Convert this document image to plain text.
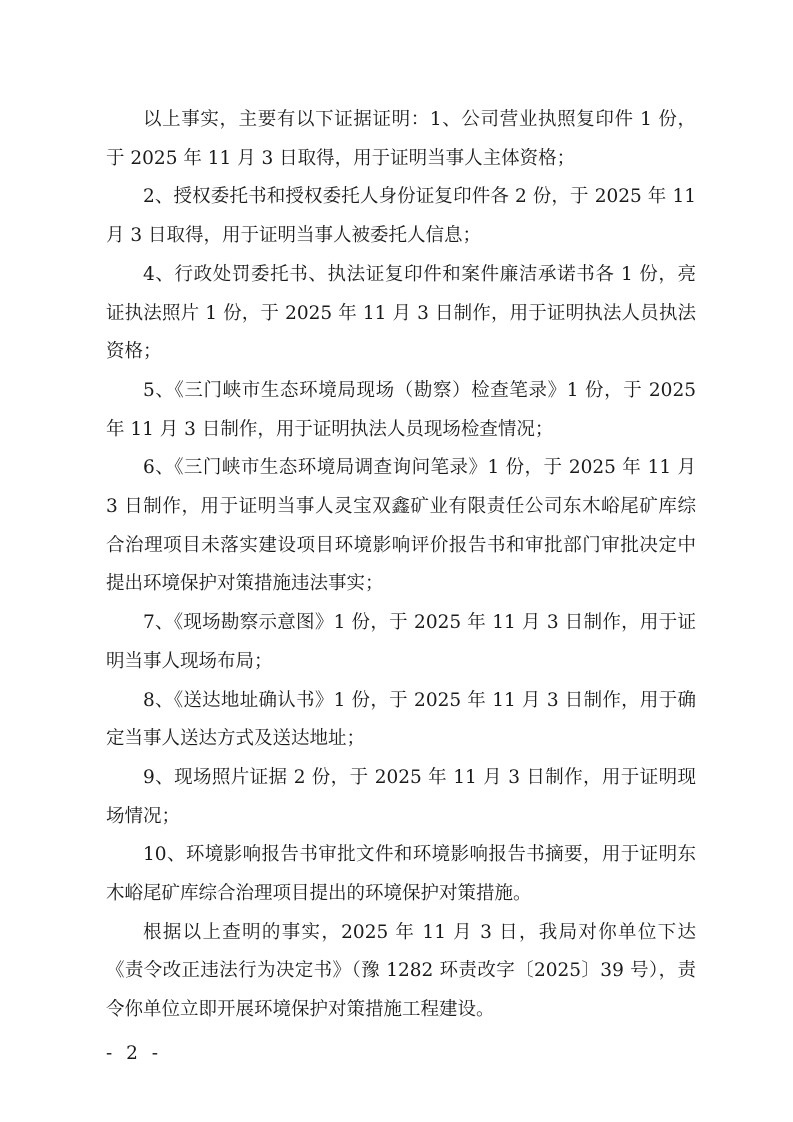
以上事实，主要有以下证据证明：1、公司营业执照复印件 1 份，于 2025 年 11 月 3 日取得，用于证明当事人主体资格；

2、授权委托书和授权委托人身份证复印件各 2 份，于 2025 年 11 月 3 日取得，用于证明当事人被委托人信息；

4、行政处罚委托书、执法证复印件和案件廉洁承诺书各 1 份，亮证执法照片 1 份，于 2025 年 11 月 3 日制作，用于证明执法人员执法资格；

5、《三门峡市生态环境局现场（勘察）检查笔录》1 份，于 2025 年 11 月 3 日制作，用于证明执法人员现场检查情况；

6、《三门峡市生态环境局调查询问笔录》1 份，于 2025 年 11 月 3 日制作，用于证明当事人灵宝双鑫矿业有限责任公司东木峪尾矿库综合治理项目未落实建设项目环境影响评价报告书和审批部门审批决定中提出环境保护对策措施违法事实；

7、《现场勘察示意图》1 份，于 2025 年 11 月 3 日制作，用于证明当事人现场布局；

8、《送达地址确认书》1 份，于 2025 年 11 月 3 日制作，用于确定当事人送达方式及送达地址；

9、现场照片证据 2 份，于 2025 年 11 月 3 日制作，用于证明现场情况；

10、环境影响报告书审批文件和环境影响报告书摘要，用于证明东木峪尾矿库综合治理项目提出的环境保护对策措施。

根据以上查明的事实，2025 年 11 月 3 日，我局对你单位下达《责令改正违法行为决定书》（豫 1282 环责改字〔2025〕39 号），责令你单位立即开展环境保护对策措施工程建设。

- 2 -
